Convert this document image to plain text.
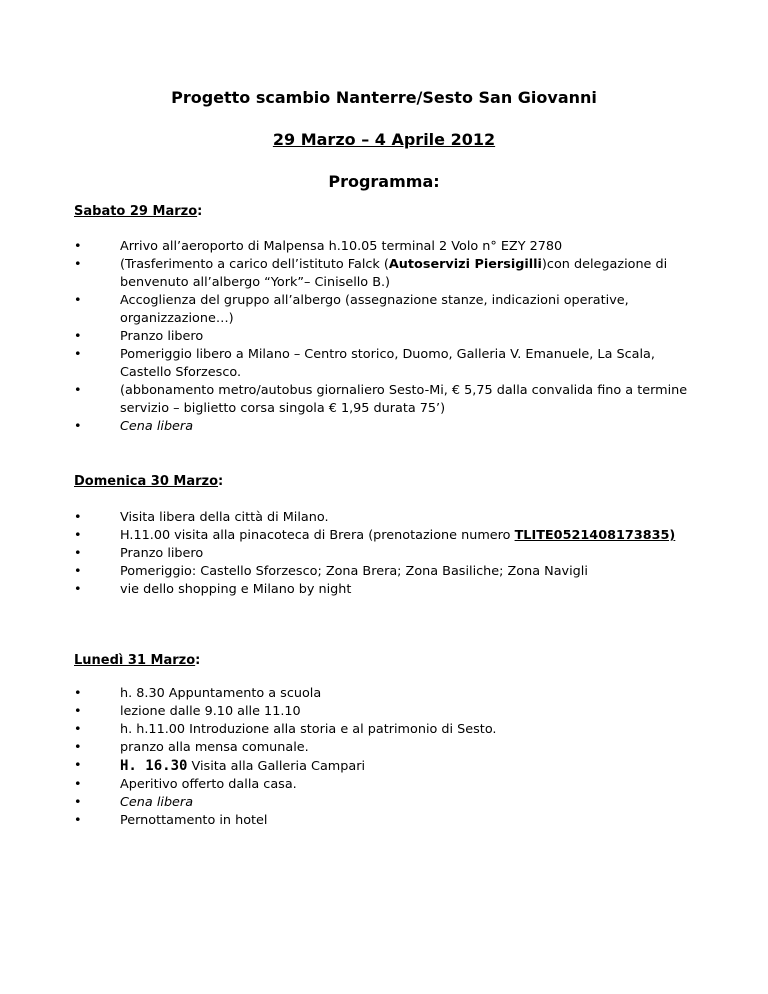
Progetto scambio Nanterre/Sesto San Giovanni
29 Marzo – 4 Aprile 2012
Programma:
Sabato 29 Marzo:
• Arrivo all’aeroporto di Malpensa h.10.05 terminal 2 Volo n° EZY 2780
• (Trasferimento a carico dell’istituto Falck (Autoservizi Piersigilli)con delegazione di benvenuto all’albergo “York”– Cinisello B.)
• Accoglienza del gruppo all’albergo (assegnazione stanze, indicazioni operative, organizzazione…)
• Pranzo libero
• Pomeriggio libero a Milano – Centro storico, Duomo, Galleria V. Emanuele, La Scala, Castello Sforzesco.
• (abbonamento metro/autobus giornaliero Sesto-Mi, € 5,75 dalla convalida fino a termine servizio – biglietto corsa singola € 1,95 durata 75’)
• Cena libera
Domenica 30 Marzo:
• Visita libera della città di Milano.
• H.11.00 visita alla pinacoteca di Brera (prenotazione numero TLITE0521408173835)
• Pranzo libero
• Pomeriggio: Castello Sforzesco; Zona Brera; Zona Basiliche; Zona Navigli
• vie dello shopping e Milano by night
Lunedì 31 Marzo:
• h. 8.30 Appuntamento a scuola
• lezione dalle 9.10 alle 11.10
• h. h.11.00 Introduzione alla storia e al patrimonio di Sesto.
• pranzo alla mensa comunale.
• H. 16.30 Visita alla Galleria Campari
• Aperitivo offerto dalla casa.
• Cena libera
• Pernottamento in hotel
